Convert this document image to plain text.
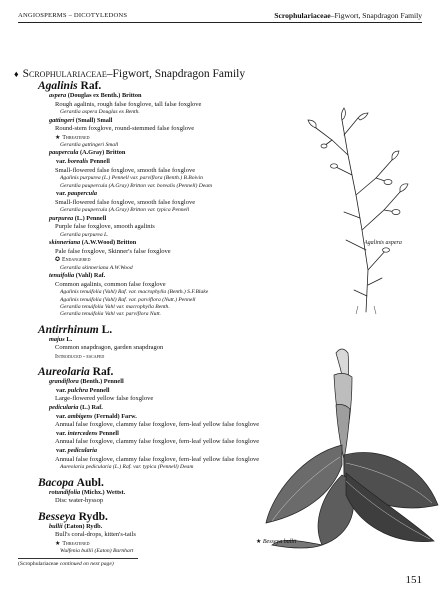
ANGIOSPERMS – DICOTYLEDONS	Scrophulariaceae–Figwort, Snapdragon Family
♦ Scrophulariaceae–Figwort, Snapdragon Family
Agalinis Raf.
aspera (Douglas ex Benth.) Britton
Rough agalinis, rough false foxglove, tall false foxglove
Gerardia aspera Douglas ex Benth.
gattingeri (Small) Small
Round-stem foxglove, round-stemmed false foxglove
★ Threatened
Gerardia gattingeri Small
paupercula (A.Gray) Britton
var. borealis Pennell
Small-flowered false foxglove, smooth false foxglove
Agalinis purpurea (L.) Pennell var. parviflora (Benth.) B.Boivin
Gerardia paupercula (A.Gray) Britton var. borealis (Pennell) Deam
var. paupercula
Small-flowered false foxglove, smooth false foxglove
Gerardia paupercula (A.Gray) Britton var. typica Pennell
purpurea (L.) Pennell
Purple false foxglove, smooth agalinis
Gerardia purpurea L.
skinneriana (A.W.Wood) Britton
Pale false foxglove, Skinner's false foxglove
✪ Endangered
Gerardia skinneriana A.W.Wood
tenuifolia (Vahl) Raf.
Common agalinis, common false foxglove
Agalinis tenuifolia (Vahl) Raf. var. macrophylla (Benth.) S.F.Blake
Agalinis tenuifolia (Vahl) Raf. var. parviflora (Nutt.) Pennell
Gerardia tenuifolia Vahl var. macrophylla Benth.
Gerardia tenuifolia Vahl var. parviflora Nutt.
Antirrhinum L.
majus L.
Common snapdragon, garden snapdragon
Introduced - escaped
Aureolaria Raf.
grandiflora (Benth.) Pennell
var. pulchra Pennell
Large-flowered yellow false foxglove
pedicularia (L.) Raf.
var. ambigens (Fernald) Farw.
Annual false foxglove, clammy false foxglove, fern-leaf yellow false foxglove
var. intercedens Pennell
Annual false foxglove, clammy false foxglove, fern-leaf yellow false foxglove
var. pedicularia
Annual false foxglove, clammy false foxglove, fern-leaf yellow false foxglove
Aureolaria pedicularia (L.) Raf. var. typica (Pennell) Deam
Bacopa Aubl.
rotundifolia (Michx.) Wettst.
Disc water-hyssop
Besseya Rydb.
bullii (Eaton) Rydb.
Bull's coral-drops, kitten's-tails
★ Threatened
Wulfenia bullii (Eaton) Barnhart
Agalinis aspera
★ Besseya bullii
(Scrophulariaceae continued on next page)
151
